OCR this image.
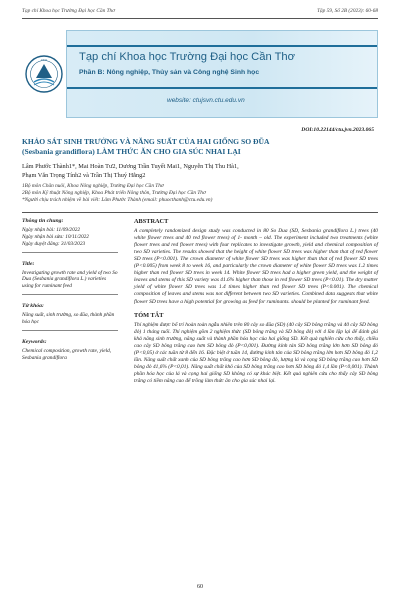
Tạp chí Khoa học Trường Đại học Cần Thơ	Tập 59, Số 2B (2023): 60-68
CTU	Tạp chí Khoa học Trường Đại học Cần Thơ
Phần B: Nông nghiệp, Thủy sản và Công nghệ Sinh học
website: ctujsvn.ctu.edu.vn
DOI:10.22144/ctu.jvn.2023.065
KHẢO SÁT SINH TRƯỞNG VÀ NĂNG SUẤT CỦA HAI GIỐNG SO ĐŨA
(Sesbania grandiflora) LÀM THỨC ĂN CHO GIA SÚC NHAI LẠI
Lâm Phước Thành1*, Mai Hoàn Tư2, Dương Trần Tuyết Mai1, Nguyễn Thị Thu Hà1,
Phạm Văn Trọng Tính2 và Trần Thị Thuý Hằng2
1Bộ môn Chăn nuôi, Khoa Nông nghiệp, Trường Đại học Cần Thơ
2Bộ môn Kỹ thuật Nông nghiệp, Khoa Phát triển Nông thôn, Trường Đại học Cần Thơ
*Người chịu trách nhiệm về bài viết: Lâm Phước Thành (email: phuocthanh@ctu.edu.vn)
Thông tin chung:
Ngày nhận bài: 11/09/2022
Ngày nhận bài sửa: 10/11/2022
Ngày duyệt đăng: 31/03/2023
Title:
Investigating growth rate and yield of two So Dua (Sesbania grandiflora L.) varieties using for ruminant feed
Từ khóa:
Năng suất, sinh trưởng, so đũa, thành phần hóa học
Keywords:
Chemical composition, growth rate, yield, Sesbania grandiflora
ABSTRACT
A completely randomized design study was conducted in 80 So Dua (SD, Sesbania grandiflora L.) trees (40 white flower trees and 40 red flower trees) of 1- month – old. The experiment included two treatments (white flower trees and red flower trees) with four replicates to investigate growth, yield and chemical composition of two SD varieties. The results showed that the height of white flower SD trees was higher than that of red flower SD trees (P<0.001). The crown diameter of white flower SD trees was higher than that of red flower SD trees (P<0.005) from week 8 to week 16, and particularly the crown diameter of white flower SD trees was 1.2 times higher than red flower SD trees in week 14. White flower SD trees had a higher green yield, and the weight of leaves and stems of this SD variety was 41.6% higher than those in red flower SD trees (P<0.01). The dry matter yield of white flower SD trees was 1.4 times higher than red flower SD trees (P<0.001). The chemical composition of leaves and stems was not different between two SD varieties. Combined data suggests that white flower SD trees have a high potential for growing as feed for ruminants. should be planted for ruminant feed.
TÓM TẮT
Thí nghiệm được bố trí hoàn toàn ngẫu nhiên trên 80 cây so đũa (SD) (40 cây SD bông trắng và 40 cây SD bông đỏ) 1 tháng tuổi. Thí nghiệm gồm 2 nghiệm thức (SD bông trắng và SD bông đỏ) với 4 lần lặp lại để đánh giá khả năng sinh trưởng, năng suất và thành phần hóa học của hai giống SD. Kết quả nghiên cứu cho thấy, chiều cao cây SD bông trắng cao hơn SD bông đỏ (P<0,001). Đường kính tán SD bông trắng lớn hơn SD bông đỏ (P<0,05) ở các tuần từ 8 đến 16. Đặc biệt ở tuần 14, đường kính tán của SD bông trắng lớn hơn SD bông đỏ 1,2 lần. Năng suất chất xanh của SD bông trắng cao hơn SD bông đỏ, lượng lá và cọng SD bông trắng cao hơn SD bông đỏ 41,6% (P<0,01). Năng suất chất khô của SD bông trắng cao hơn SD bông đỏ 1,4 lần (P<0,001). Thành phần hóa học của lá và cọng hai giống SD không có sự khác biệt. Kết quả nghiên cứu cho thấy cây SD bông trắng có tiềm năng cao để trồng làm thức ăn cho gia súc nhai lại.
60
